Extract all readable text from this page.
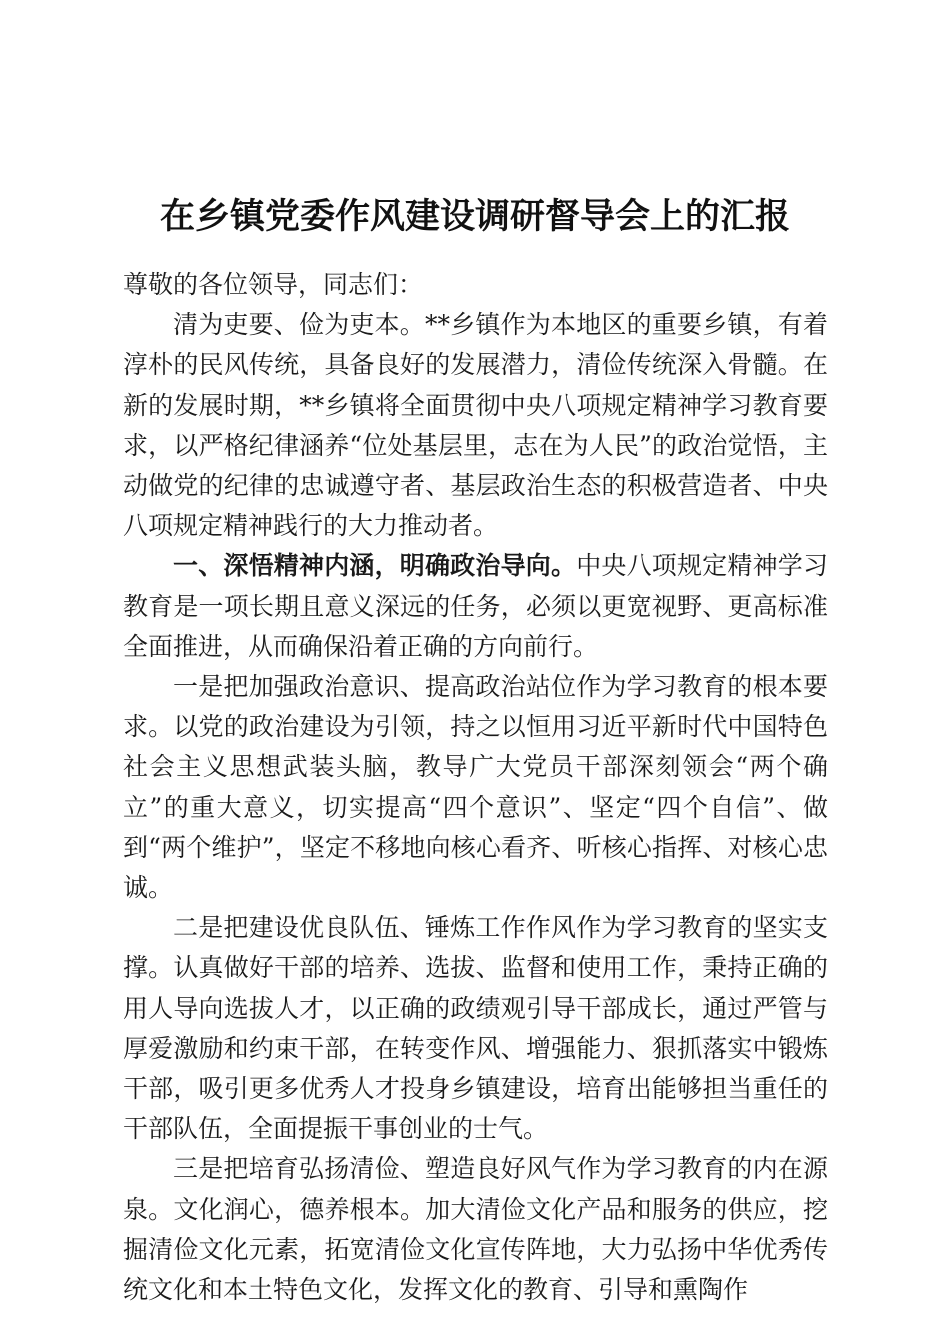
在乡镇党委作风建设调研督导会上的汇报

尊敬的各位领导，同志们：

清为吏要、俭为吏本。**乡镇作为本地区的重要乡镇，有着淳朴的民风传统，具备良好的发展潜力，清俭传统深入骨髓。在新的发展时期，**乡镇将全面贯彻中央八项规定精神学习教育要求，以严格纪律涵养“位处基层里，志在为人民”的政治觉悟，主动做党的纪律的忠诚遵守者、基层政治生态的积极营造者、中央八项规定精神践行的大力推动者。

一、深悟精神内涵，明确政治导向。中央八项规定精神学习教育是一项长期且意义深远的任务，必须以更宽视野、更高标准全面推进，从而确保沿着正确的方向前行。

一是把加强政治意识、提高政治站位作为学习教育的根本要求。以党的政治建设为引领，持之以恒用习近平新时代中国特色社会主义思想武装头脑，教导广大党员干部深刻领会“两个确立”的重大意义，切实提高“四个意识”、坚定“四个自信”、做到“两个维护”，坚定不移地向核心看齐、听核心指挥、对核心忠诚。

二是把建设优良队伍、锤炼工作作风作为学习教育的坚实支撑。认真做好干部的培养、选拔、监督和使用工作，秉持正确的用人导向选拔人才，以正确的政绩观引导干部成长，通过严管与厚爱激励和约束干部，在转变作风、增强能力、狠抓落实中锻炼干部，吸引更多优秀人才投身乡镇建设，培育出能够担当重任的干部队伍，全面提振干事创业的士气。

三是把培育弘扬清俭、塑造良好风气作为学习教育的内在源泉。文化润心，德养根本。加大清俭文化产品和服务的供应，挖掘清俭文化元素，拓宽清俭文化宣传阵地，大力弘扬中华优秀传统文化和本土特色文化，发挥文化的教育、引导和熏陶作
